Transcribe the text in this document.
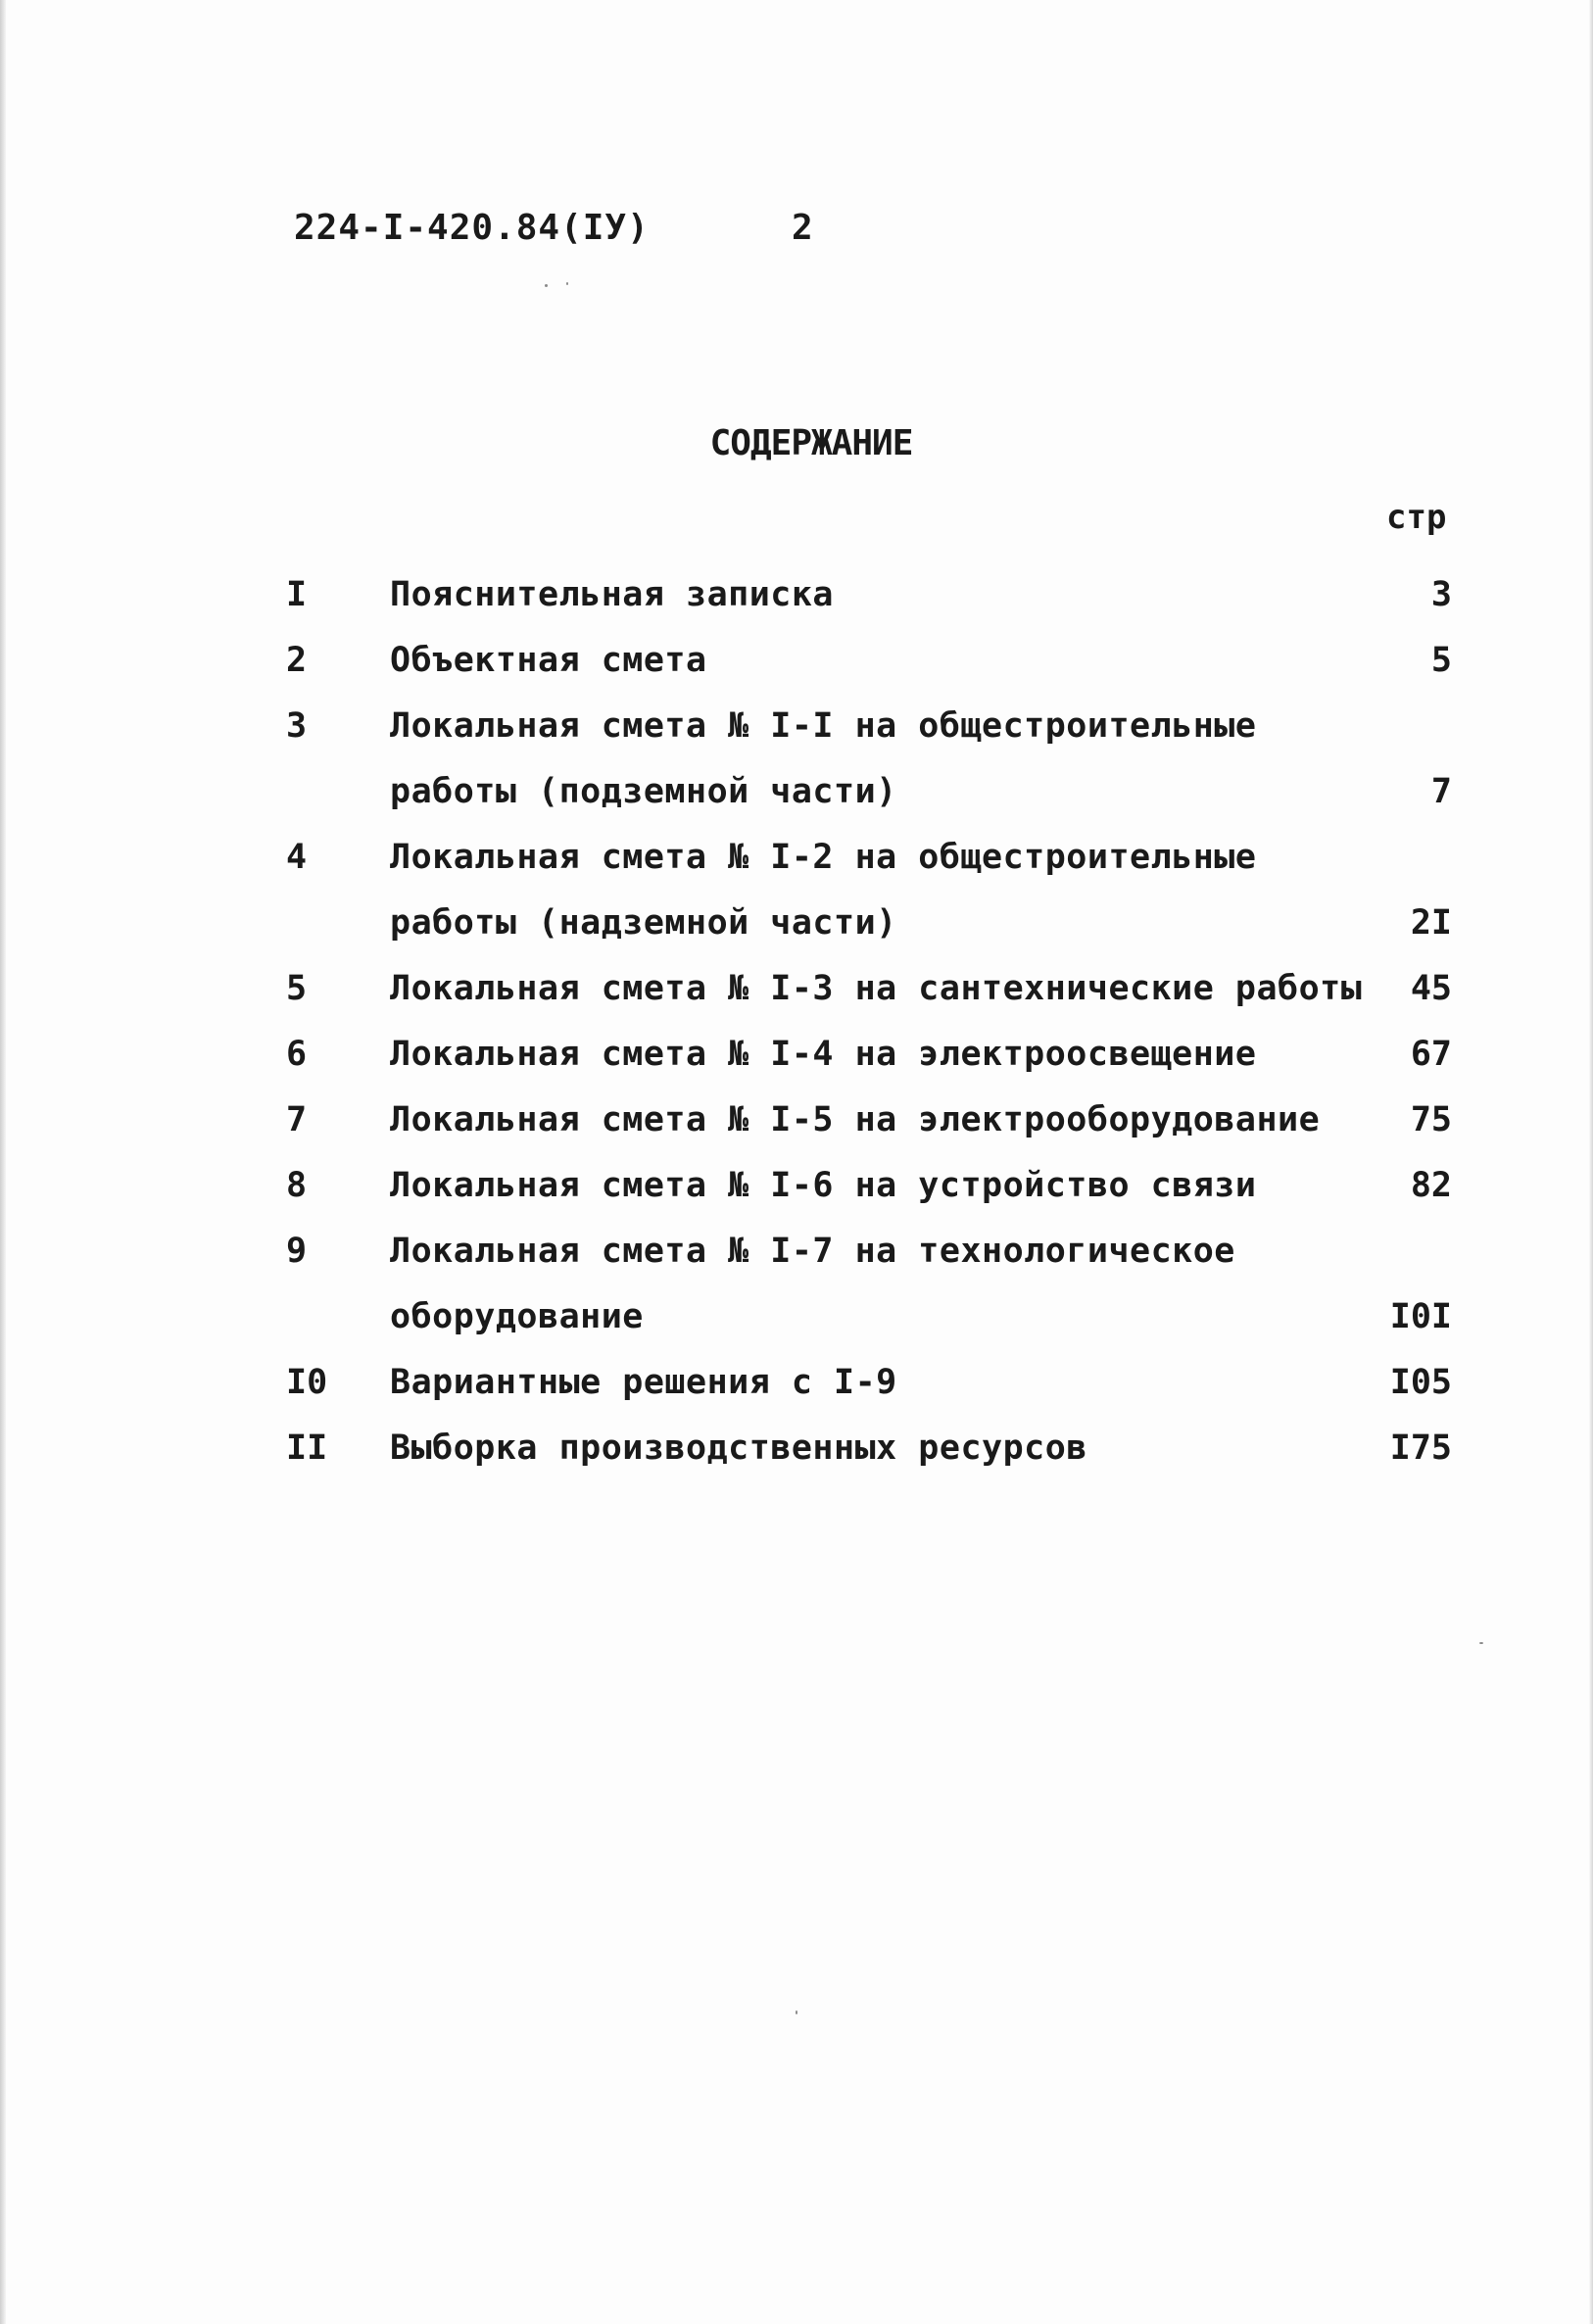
224-I-420.84(IУ)	2
СОДЕРЖАНИЕ
стр
I	Пояснительная записка	3
2	Объектная смета	5
3	Локальная смета № I-I на общестроительные
работы (подземной части)	7
4	Локальная смета № I-2 на общестроительные
работы (надземной части)	2I
5	Локальная смета № I-3 на сантехнические работы 45
6	Локальная смета № I-4 на электроосвещение	67
7	Локальная смета № I-5 на электрооборудование	75
8	Локальная смета № I-6 на устройство связи	82
9	Локальная смета № I-7 на технологическое
оборудование	I0I
I0	Вариантные решения с I-9	I05
II	Выборка производственных ресурсов	I75
